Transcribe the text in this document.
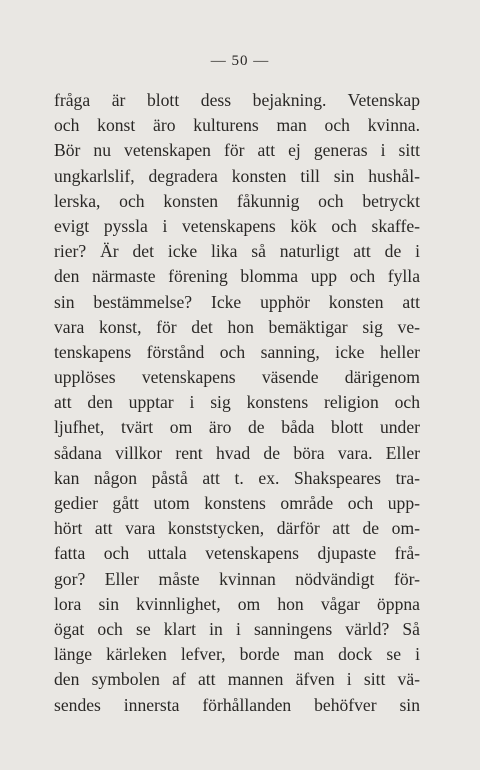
— 50 —
fråga är blott dess bejakning. Vetenskap
och konst äro kulturens man och kvinna.
Bör nu vetenskapen för att ej generas i sitt
ungkarlslif, degradera konsten till sin hushål-
lerska, och konsten fåkunnig och betryckt
evigt pyssla i vetenskapens kök och skaffe-
rier? Är det icke lika så naturligt att de i
den närmaste förening blomma upp och fylla
sin bestämmelse? Icke upphör konsten att
vara konst, för det hon bemäktigar sig ve-
tenskapens förstånd och sanning, icke heller
upplöses vetenskapens väsende därigenom
att den upptar i sig konstens religion och
ljufhet, tvärt om äro de båda blott under
sådana villkor rent hvad de böra vara. Eller
kan någon påstå att t. ex. Shakspeares tra-
gedier gått utom konstens område och upp-
hört att vara konststycken, därför att de om-
fatta och uttala vetenskapens djupaste frå-
gor? Eller måste kvinnan nödvändigt för-
lora sin kvinnlighet, om hon vågar öppna
ögat och se klart in i sanningens värld? Så
länge kärleken lefver, borde man dock se i
den symbolen af att mannen äfven i sitt vä-
sendes innersta förhållanden behöfver sin
